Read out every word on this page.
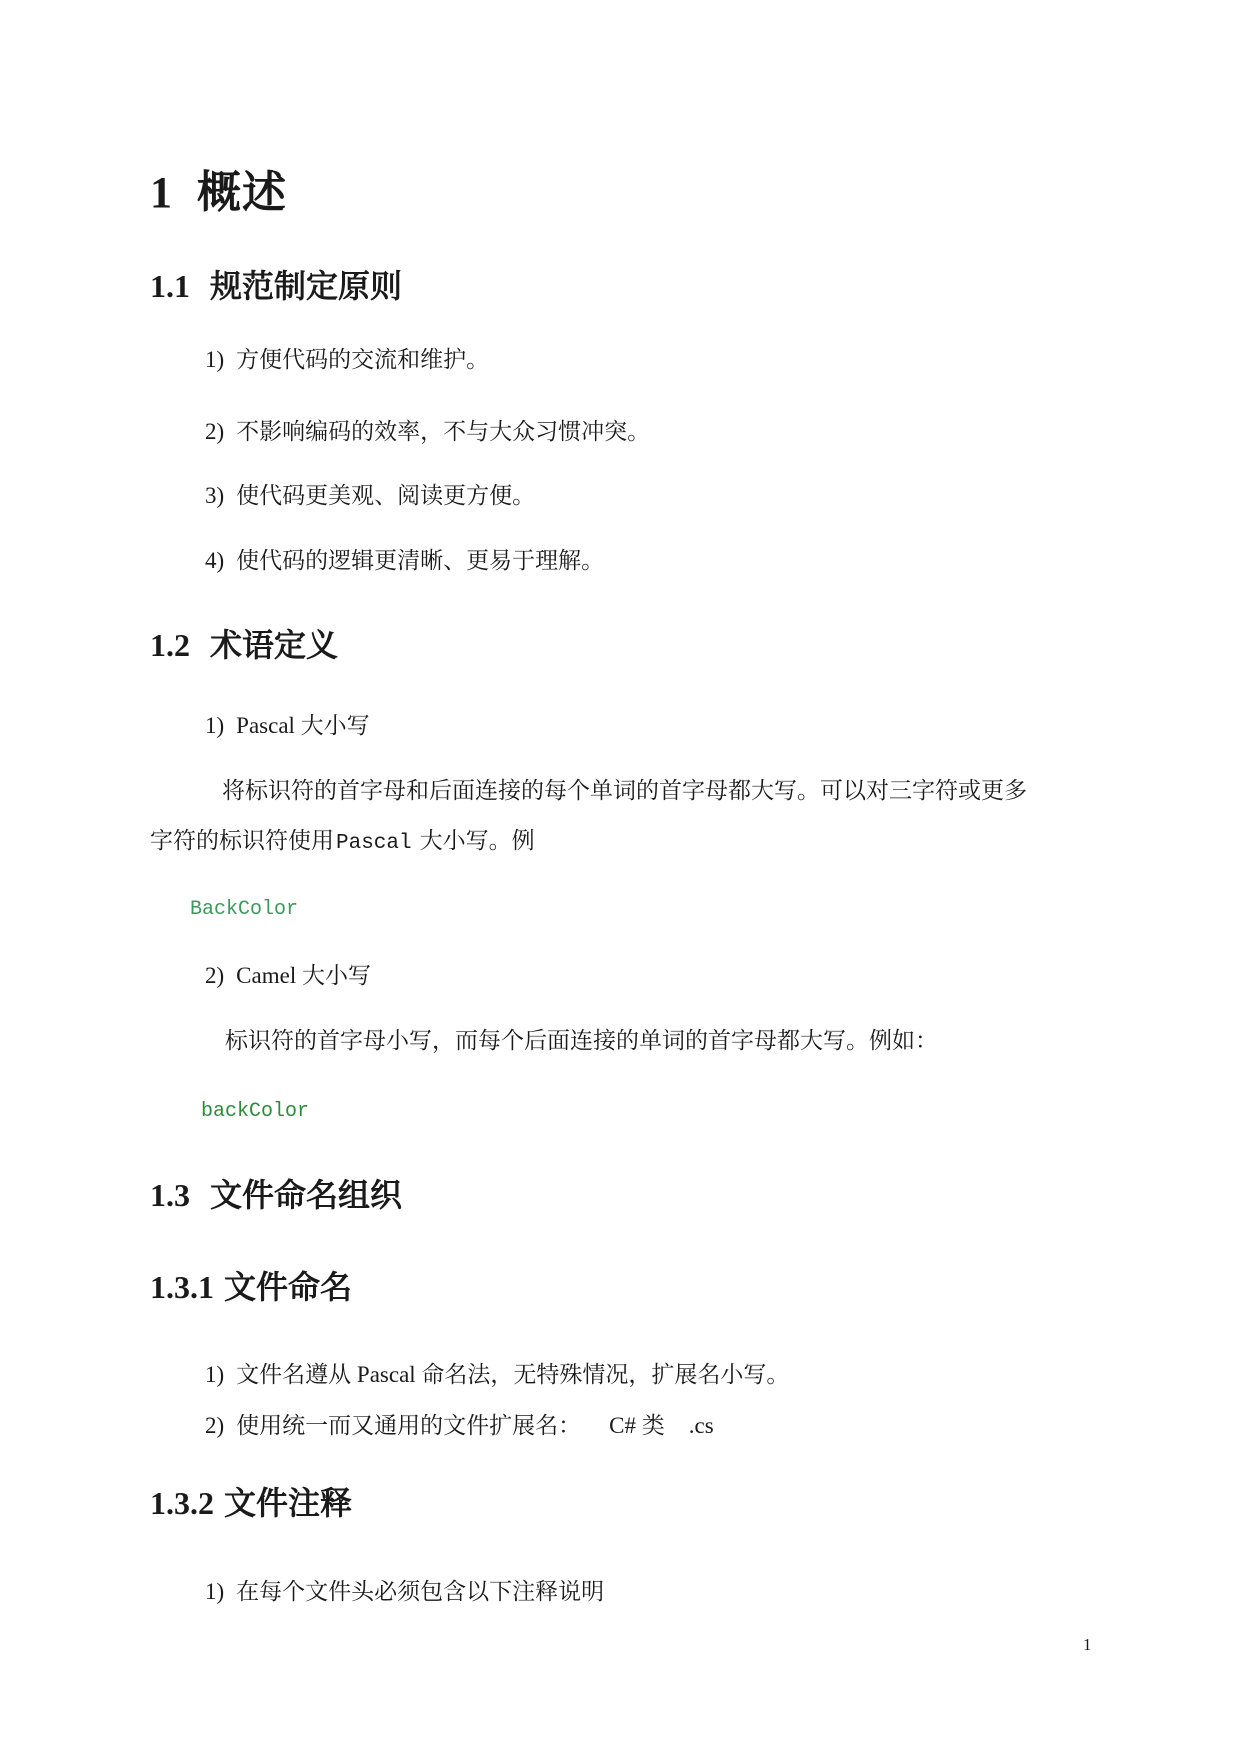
1 概述
1.1 规范制定原则
1) 方便代码的交流和维护。
2) 不影响编码的效率，不与大众习惯冲突。
3) 使代码更美观、阅读更方便。
4) 使代码的逻辑更清晰、更易于理解。
1.2 术语定义
1) Pascal 大小写
将标识符的首字母和后面连接的每个单词的首字母都大写。可以对三字符或更多
字符的标识符使用Pascal 大小写。例
BackColor
2) Camel 大小写
标识符的首字母小写，而每个后面连接的单词的首字母都大写。例如：
backColor
1.3 文件命名组织
1.3.1 文件命名
1) 文件名遵从 Pascal 命名法，无特殊情况，扩展名小写。
2) 使用统一而又通用的文件扩展名： C# 类 .cs
1.3.2 文件注释
1) 在每个文件头必须包含以下注释说明
1
